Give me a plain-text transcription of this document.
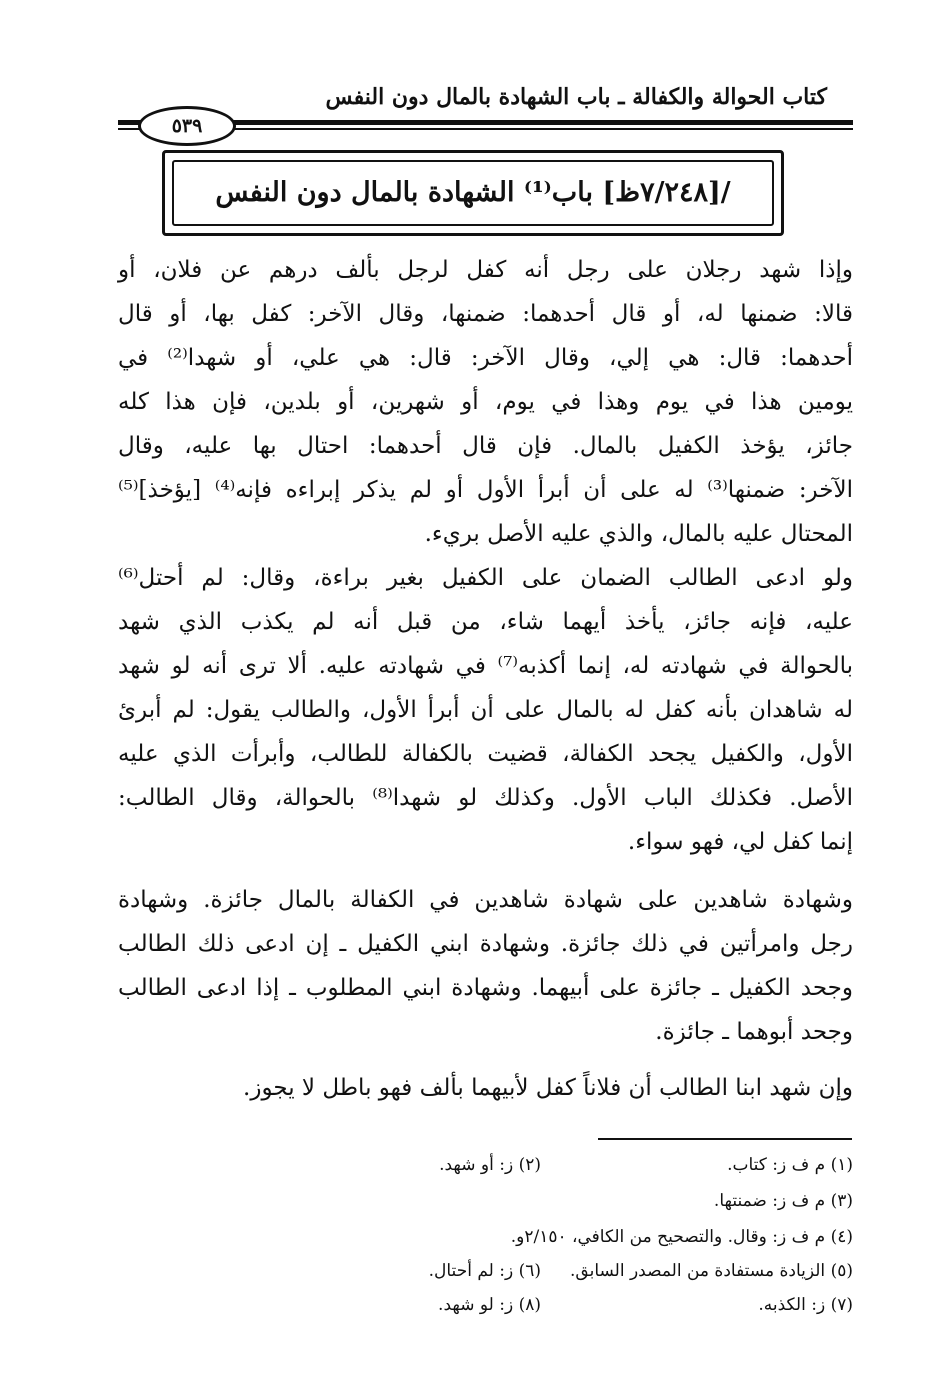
كتاب الحوالة والكفالة ـ باب الشهادة بالمال دون النفس
٥٣٩
/[٧/٢٤٨ظ] باب⁽¹⁾ الشهادة بالمال دون النفس
وإذا شهد رجلان على رجل أنه كفل لرجل بألف درهم عن فلان، أو
قالا: ضمنها له، أو قال أحدهما: ضمنها، وقال الآخر: كفل بها، أو قال
أحدهما: قال: هي إلي، وقال الآخر: قال: هي علي، أو شهدا⁽²⁾ في
يومين هذا في يوم وهذا في يوم، أو شهرين، أو بلدين، فإن هذا كله
جائز، يؤخذ الكفيل بالمال. فإن قال أحدهما: احتال بها عليه، وقال
الآخر: ضمنها⁽³⁾ له على أن أبرأ الأول أو لم يذكر إبراءه فإنه⁽⁴⁾ [يؤخذ]⁽⁵⁾
المحتال عليه بالمال، والذي عليه الأصل بريء.
ولو ادعى الطالب الضمان على الكفيل بغير براءة، وقال: لم أحتل⁽⁶⁾
عليه، فإنه جائز، يأخذ أيهما شاء، من قبل أنه لم يكذب الذي شهد
بالحوالة في شهادته له، إنما أكذبه⁽⁷⁾ في شهادته عليه. ألا ترى أنه لو شهد
له شاهدان بأنه كفل له بالمال على أن أبرأ الأول، والطالب يقول: لم أبرئ
الأول، والكفيل يجحد الكفالة، قضيت بالكفالة للطالب، وأبرأت الذي عليه
الأصل. فكذلك الباب الأول. وكذلك لو شهدا⁽⁸⁾ بالحوالة، وقال الطالب:
إنما كفل لي، فهو سواء.
وشهادة شاهدين على شهادة شاهدين في الكفالة بالمال جائزة. وشهادة
رجل وامرأتين في ذلك جائزة. وشهادة ابني الكفيل ـ إن ادعى ذلك الطالب
وجحد الكفيل ـ جائزة على أبيهما. وشهادة ابني المطلوب ـ إذا ادعى الطالب
وجحد أبوهما ـ جائزة.
وإن شهد ابنا الطالب أن فلاناً كفل لأبيهما بألف فهو باطل لا يجوز.
(١) م ف ز: كتاب.
(٢) ز: أو شهد.
(٣) م ف ز: ضمنتها.
(٤) م ف ز: وقال. والتصحيح من الكافي، ٢/١٥٠و.
(٥) الزيادة مستفادة من المصدر السابق.
(٦) ز: لم أحتال.
(٧) ز: الكذبه.
(٨) ز: لو شهد.
